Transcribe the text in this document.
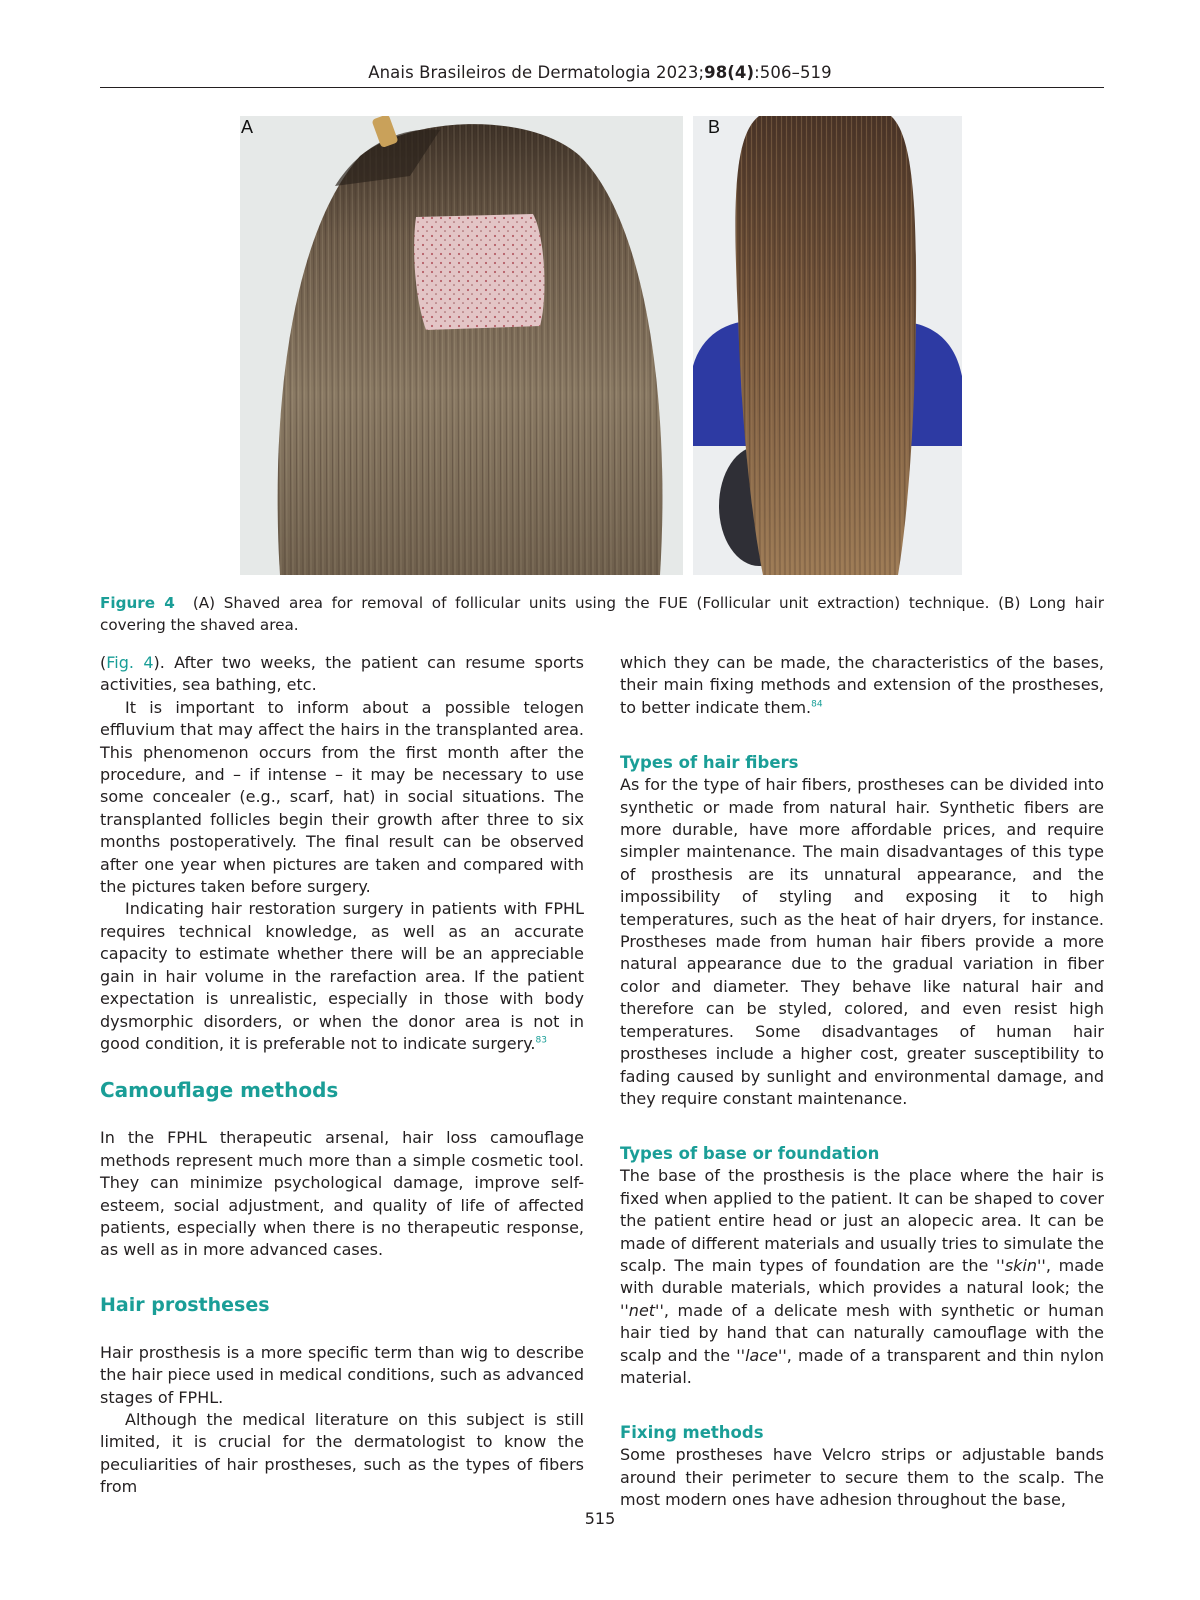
Anais Brasileiros de Dermatologia 2023;98(4):506–519
A	B
Figure 4 (A) Shaved area for removal of follicular units using the FUE (Follicular unit extraction) technique. (B) Long hair covering the shaved area.

(Fig. 4). After two weeks, the patient can resume sports activities, sea bathing, etc.

It is important to inform about a possible telogen effluvium that may affect the hairs in the transplanted area. This phenomenon occurs from the first month after the procedure, and – if intense – it may be necessary to use some concealer (e.g., scarf, hat) in social situations. The transplanted follicles begin their growth after three to six months postoperatively. The final result can be observed after one year when pictures are taken and compared with the pictures taken before surgery.

Indicating hair restoration surgery in patients with FPHL requires technical knowledge, as well as an accurate capacity to estimate whether there will be an appreciable gain in hair volume in the rarefaction area. If the patient expectation is unrealistic, especially in those with body dysmorphic disorders, or when the donor area is not in good condition, it is preferable not to indicate surgery.$^{83}$

Camouflage methods

In the FPHL therapeutic arsenal, hair loss camouflage methods represent much more than a simple cosmetic tool. They can minimize psychological damage, improve self-esteem, social adjustment, and quality of life of affected patients, especially when there is no therapeutic response, as well as in more advanced cases.

Hair prostheses

Hair prosthesis is a more specific term than wig to describe the hair piece used in medical conditions, such as advanced stages of FPHL.

Although the medical literature on this subject is still limited, it is crucial for the dermatologist to know the peculiarities of hair prostheses, such as the types of fibers from

which they can be made, the characteristics of the bases, their main fixing methods and extension of the prostheses, to better indicate them.$^{84}$

Types of hair fibers

As for the type of hair fibers, prostheses can be divided into synthetic or made from natural hair. Synthetic fibers are more durable, have more affordable prices, and require simpler maintenance. The main disadvantages of this type of prosthesis are its unnatural appearance, and the impossibility of styling and exposing it to high temperatures, such as the heat of hair dryers, for instance. Prostheses made from human hair fibers provide a more natural appearance due to the gradual variation in fiber color and diameter. They behave like natural hair and therefore can be styled, colored, and even resist high temperatures. Some disadvantages of human hair prostheses include a higher cost, greater susceptibility to fading caused by sunlight and environmental damage, and they require constant maintenance.

Types of base or foundation

The base of the prosthesis is the place where the hair is fixed when applied to the patient. It can be shaped to cover the patient entire head or just an alopecic area. It can be made of different materials and usually tries to simulate the scalp. The main types of foundation are the ''skin'', made with durable materials, which provides a natural look; the ''net'', made of a delicate mesh with synthetic or human hair tied by hand that can naturally camouflage with the scalp and the ''lace'', made of a transparent and thin nylon material.

Fixing methods

Some prostheses have Velcro strips or adjustable bands around their perimeter to secure them to the scalp. The most modern ones have adhesion throughout the base,

515
